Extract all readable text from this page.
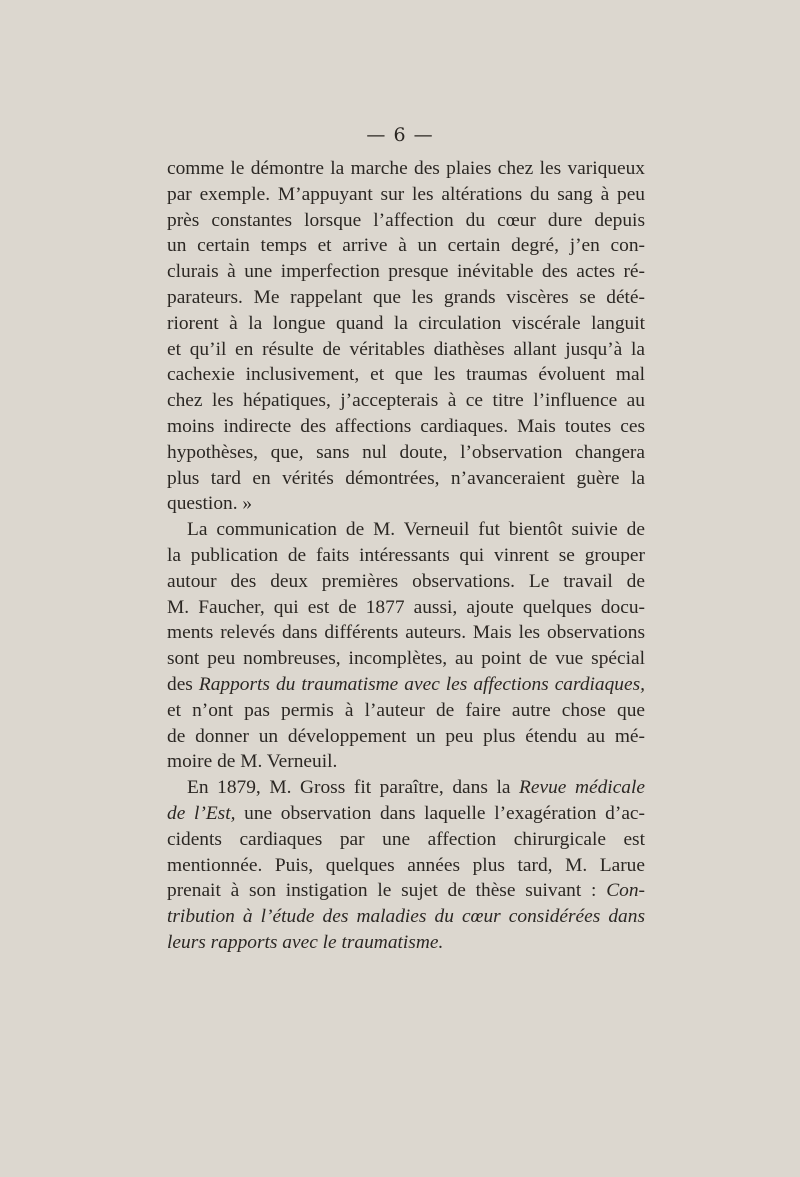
— 6 —
comme le démontre la marche des plaies chez les variqueux
par exemple. M’appuyant sur les altérations du sang à peu
près constantes lorsque l’affection du cœur dure depuis
un certain temps et arrive à un certain degré, j’en con-
clurais à une imperfection presque inévitable des actes ré-
parateurs. Me rappelant que les grands viscères se dété-
riorent à la longue quand la circulation viscérale languit
et qu’il en résulte de véritables diathèses allant jusqu’à la
cachexie inclusivement, et que les traumas évoluent mal
chez les hépatiques, j’accepterais à ce titre l’influence au
moins indirecte des affections cardiaques. Mais toutes ces
hypothèses, que, sans nul doute, l’observation changera
plus tard en vérités démontrées, n’avanceraient guère la
question. »
La communication de M. Verneuil fut bientôt suivie de
la publication de faits intéressants qui vinrent se grouper
autour des deux premières observations. Le travail de
M. Faucher, qui est de 1877 aussi, ajoute quelques docu-
ments relevés dans différents auteurs. Mais les observations
sont peu nombreuses, incomplètes, au point de vue spécial
des Rapports du traumatisme avec les affections cardiaques,
et n’ont pas permis à l’auteur de faire autre chose que
de donner un développement un peu plus étendu au mé-
moire de M. Verneuil.
En 1879, M. Gross fit paraître, dans la Revue médicale
de l’Est, une observation dans laquelle l’exagération d’ac-
cidents cardiaques par une affection chirurgicale est
mentionnée. Puis, quelques années plus tard, M. Larue
prenait à son instigation le sujet de thèse suivant : Con-
tribution à l’étude des maladies du cœur considérées dans
leurs rapports avec le traumatisme.
